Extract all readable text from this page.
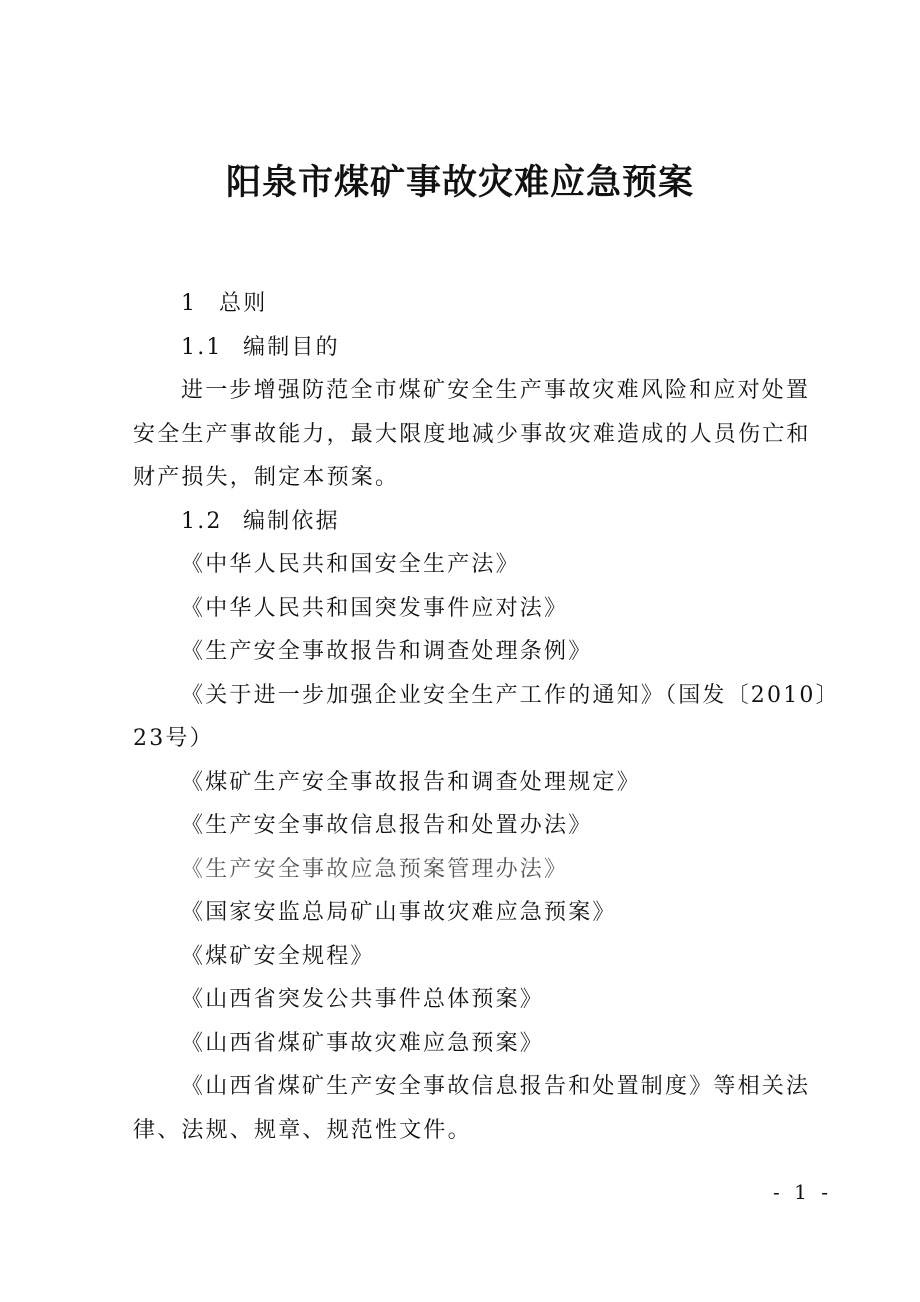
阳泉市煤矿事故灾难应急预案

1 总则

1.1 编制目的

进一步增强防范全市煤矿安全生产事故灾难风险和应对处置安全生产事故能力，最大限度地减少事故灾难造成的人员伤亡和财产损失，制定本预案。

1.2 编制依据

《中华人民共和国安全生产法》

《中华人民共和国突发事件应对法》

《生产安全事故报告和调查处理条例》

《关于进一步加强企业安全生产工作的通知》（国发〔2010〕23号）

《煤矿生产安全事故报告和调查处理规定》

《生产安全事故信息报告和处置办法》

《生产安全事故应急预案管理办法》

《国家安监总局矿山事故灾难应急预案》

《煤矿安全规程》

《山西省突发公共事件总体预案》

《山西省煤矿事故灾难应急预案》

《山西省煤矿生产安全事故信息报告和处置制度》等相关法律、法规、规章、规范性文件。

- 1 -
